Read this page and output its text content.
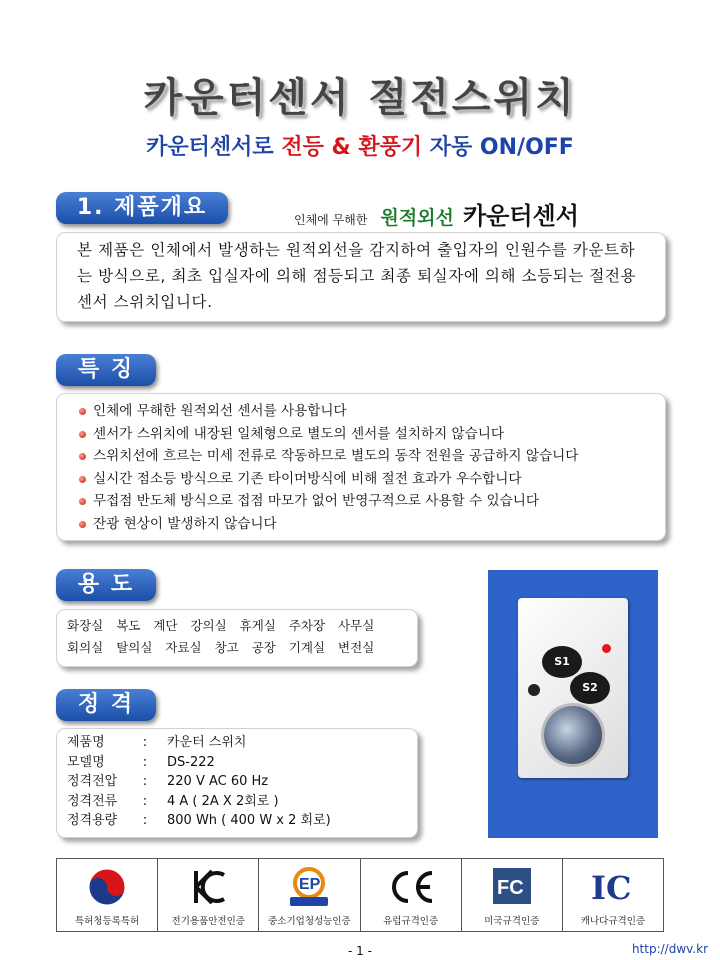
카운터센서 절전스위치
카운터센서로 전등 & 환풍기 자동 ON/OFF
1. 제품개요	인체에 무해한 원적외선 카운터센서
본 제품은 인체에서 발생하는 원적외선을 감지하여 출입자의 인원수를 카운트하는 방식으로, 최초 입실자에 의해 점등되고 최종 퇴실자에 의해 소등되는 절전용 센서 스위치입니다.
특 징
인체에 무해한 원적외선 센서를 사용합니다
센서가 스위치에 내장된 일체형으로 별도의 센서를 설치하지 않습니다
스위치선에 흐르는 미세 전류로 작동하므로 별도의 동작 전원을 공급하지 않습니다
실시간 점소등 방식으로 기존 타이머방식에 비해 절전 효과가 우수합니다
무접점 반도체 방식으로 접점 마모가 없어 반영구적으로 사용할 수 있습니다
잔광 현상이 발생하지 않습니다
용 도
화장실 복도 계단 강의실 휴게실 주차장 사무실
회의실 탈의실 자료실 창고 공장 기계실 변전실
정 격
제품명	:	카운터 스위치
모델명	:	DS-222
정격전압	:	220 V AC 60 Hz
정격전류	:	4 A ( 2A X 2회로 )
정격용량	:	800 Wh ( 400 W x 2 회로)
S1
S2
특허청등록특허	전기용품안전인증
EP
성능인증제품
중소기업청성능인증	유럽규격인증
FC
미국규격인증
IC
캐나다규격인증
- 1 -	http://dwv.kr
